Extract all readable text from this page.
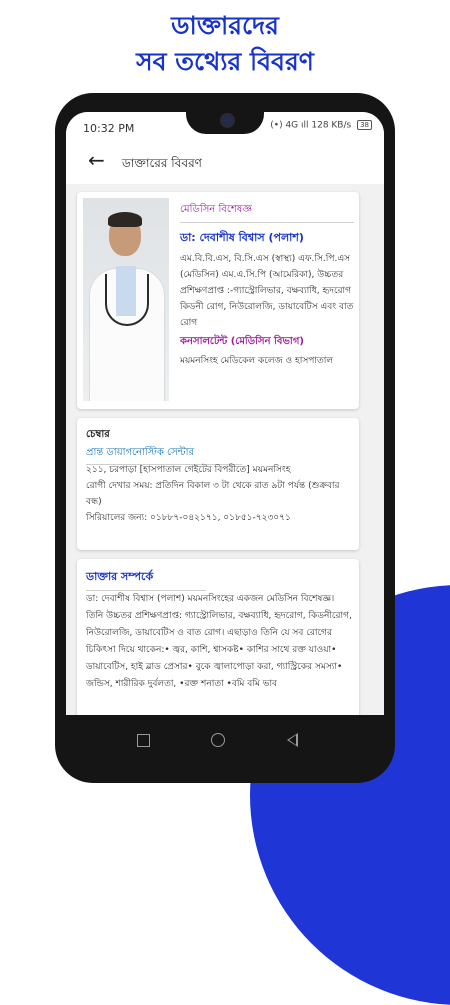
ডাক্তারদের
সব তথ্যের বিবরণ
10:32 PM	(•) 4G ıll 128 KB/s 38
← ডাক্তারের বিবরণ
মেডিসিন বিশেষজ্ঞ
ডা: দেবাশীষ বিশ্বাস (পলাশ)
এম.বি.বি.এস, বি.সি.এস (স্বাস্থ্য) এফ.সি.পি.এস (মেডিসিন) এম.এ.সি.পি (আমেরিকা), উচ্চতর প্রশিক্ষণপ্রাপ্ত :-গ্যাস্ট্রোলিভার, বক্ষব্যাধি, হৃদরোগ কিডনী রোগ, নিউরোলজি, ডায়াবেটিস এবং বাত রোগ
কনসালটেন্ট (মেডিসিন বিভাগ)
ময়মনসিংহ মেডিকেল কলেজ ও হাসপাতাল
চেম্বার
প্রান্ত ডায়াগনোস্টিক সেন্টার
২১১, চরপাড়া [হাসপাতাল গেইটের বিপরীতে] ময়মনসিংহ
রোগী দেখার সময়: প্রতিদিন বিকাল ৩ টা থেকে রাত ৯টা পর্যন্ত (শুক্রবার বন্ধ)
সিরিয়ালের জন্য: ০১৮৮৭-০৪২১৭১, ০১৮৫১-৭২৩০৭১
ডাক্তার সম্পর্কে
ডা: দেবাশীষ বিশ্বাস (পলাশ) ময়মনসিংহের একজন মেডিসিন বিশেষজ্ঞ। তিনি উচ্চতর প্রশিক্ষণপ্রাপ্ত: গ্যাস্ট্রোলিভার, বক্ষব্যাধি, হৃদরোগ, কিডনীরোগ, নিউরোলজি, ডায়াবেটিস ও বাত রোগ। এছাড়াও তিনি যে সব রোগের চিকিৎসা দিয়ে থাকেন:• জ্বর, কাশি, শ্বাসকষ্ট• কাশির সাথে রক্ত যাওয়া• ডায়াবেটিস, হাই ব্লাড প্রেসার• বুকে জ্বালাপোড়া করা, গ্যাস্ট্রিকের সমস্যা• জন্ডিস, শারীরিক দুর্বলতা, •রক্ত শনাতা •বমি বমি ভাব
